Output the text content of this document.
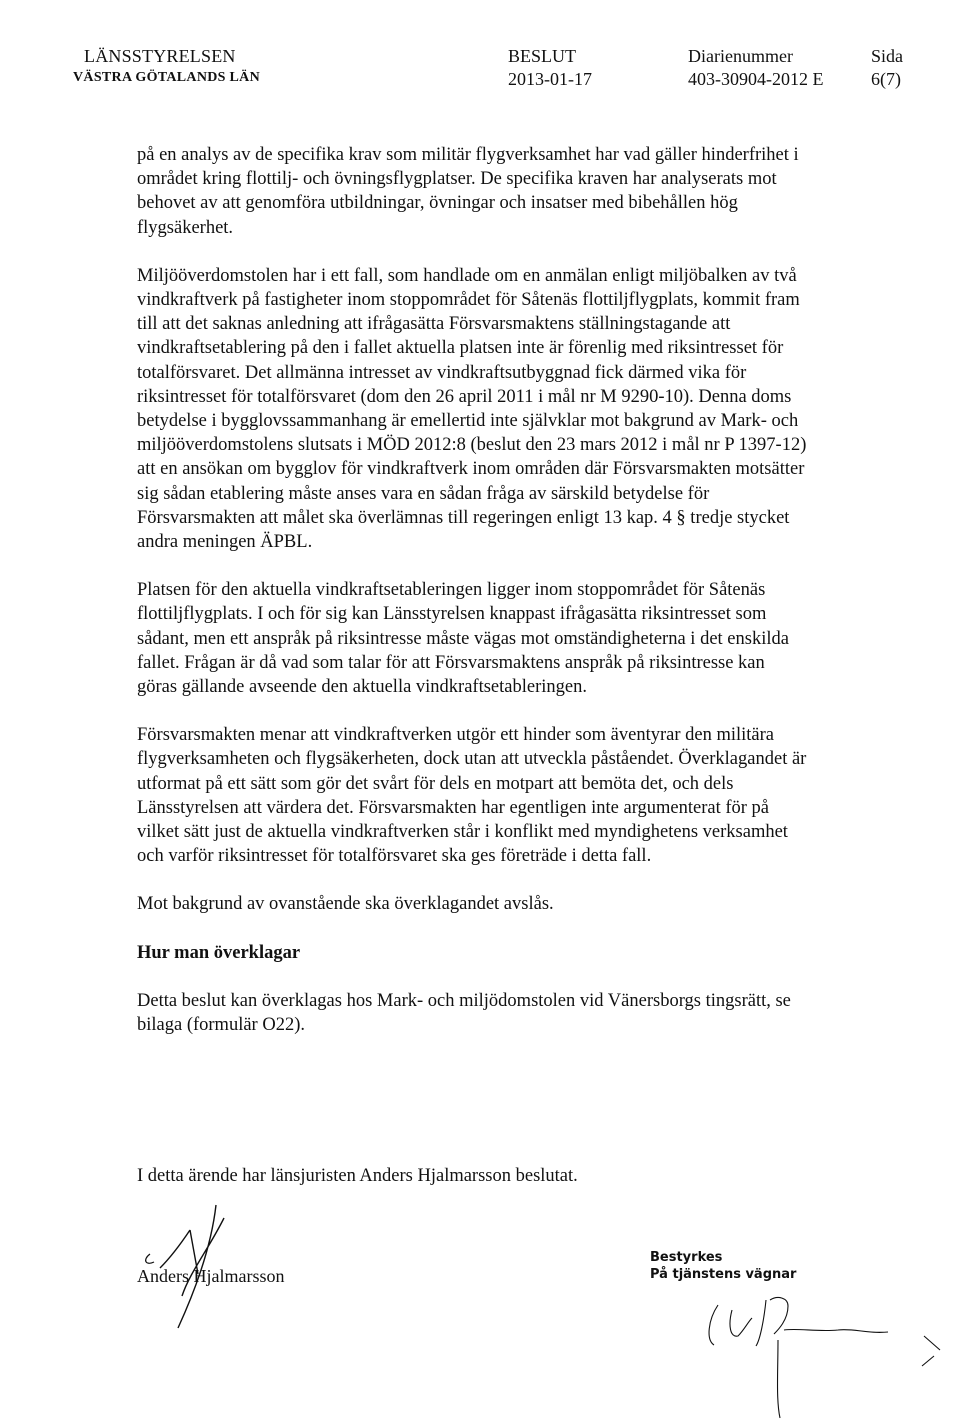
LÄNSSTYRELSEN
VÄSTRA GÖTALANDS LÄN
BESLUT
2013-01-17
Diarienummer
403-30904-2012 E
Sida
6(7)

på en analys av de specifika krav som militär flygverksamhet har vad gäller hinderfrihet i området kring flottilj- och övningsflygplatser. De specifika kraven har analyserats mot behovet av att genomföra utbildningar, övningar och insatser med bibehållen hög flygsäkerhet.

Miljööverdomstolen har i ett fall, som handlade om en anmälan enligt miljöbalken av två vindkraftverk på fastigheter inom stoppområdet för Såtenäs flottiljflygplats, kommit fram till att det saknas anledning att ifrågasätta Försvarsmaktens ställningstagande att vindkraftsetablering på den i fallet aktuella platsen inte är förenlig med riksintresset för totalförsvaret. Det allmänna intresset av vindkraftsutbyggnad fick därmed vika för riksintresset för totalförsvaret (dom den 26 april 2011 i mål nr M 9290-10). Denna doms betydelse i bygglovssammanhang är emellertid inte självklar mot bakgrund av Mark- och miljööverdomstolens slutsats i MÖD 2012:8 (beslut den 23 mars 2012 i mål nr P 1397-12) att en ansökan om bygglov för vindkraftverk inom områden där Försvarsmakten motsätter sig sådan etablering måste anses vara en sådan fråga av särskild betydelse för Försvarsmakten att målet ska överlämnas till regeringen enligt 13 kap. 4 § tredje stycket andra meningen ÄPBL.

Platsen för den aktuella vindkraftsetableringen ligger inom stoppområdet för Såtenäs flottiljflygplats. I och för sig kan Länsstyrelsen knappast ifrågasätta riksintresset som sådant, men ett anspråk på riksintresse måste vägas mot omständigheterna i det enskilda fallet. Frågan är då vad som talar för att Försvarsmaktens anspråk på riksintresse kan göras gällande avseende den aktuella vindkraftsetableringen.

Försvarsmakten menar att vindkraftverken utgör ett hinder som äventyrar den militära flygverksamheten och flygsäkerheten, dock utan att utveckla påståendet. Överklagandet är utformat på ett sätt som gör det svårt för dels en motpart att bemöta det, och dels Länsstyrelsen att värdera det. Försvarsmakten har egentligen inte argumenterat för på vilket sätt just de aktuella vindkraftverken står i konflikt med myndighetens verksamhet och varför riksintresset för totalförsvaret ska ges företräde i detta fall.

Mot bakgrund av ovanstående ska överklagandet avslås.

Hur man överklagar

Detta beslut kan överklagas hos Mark- och miljödomstolen vid Vänersborgs tingsrätt, se bilaga (formulär O22).

I detta ärende har länsjuristen Anders Hjalmarsson beslutat.
Anders Hjalmarsson
Bestyrkes
På tjänstens vägnar
